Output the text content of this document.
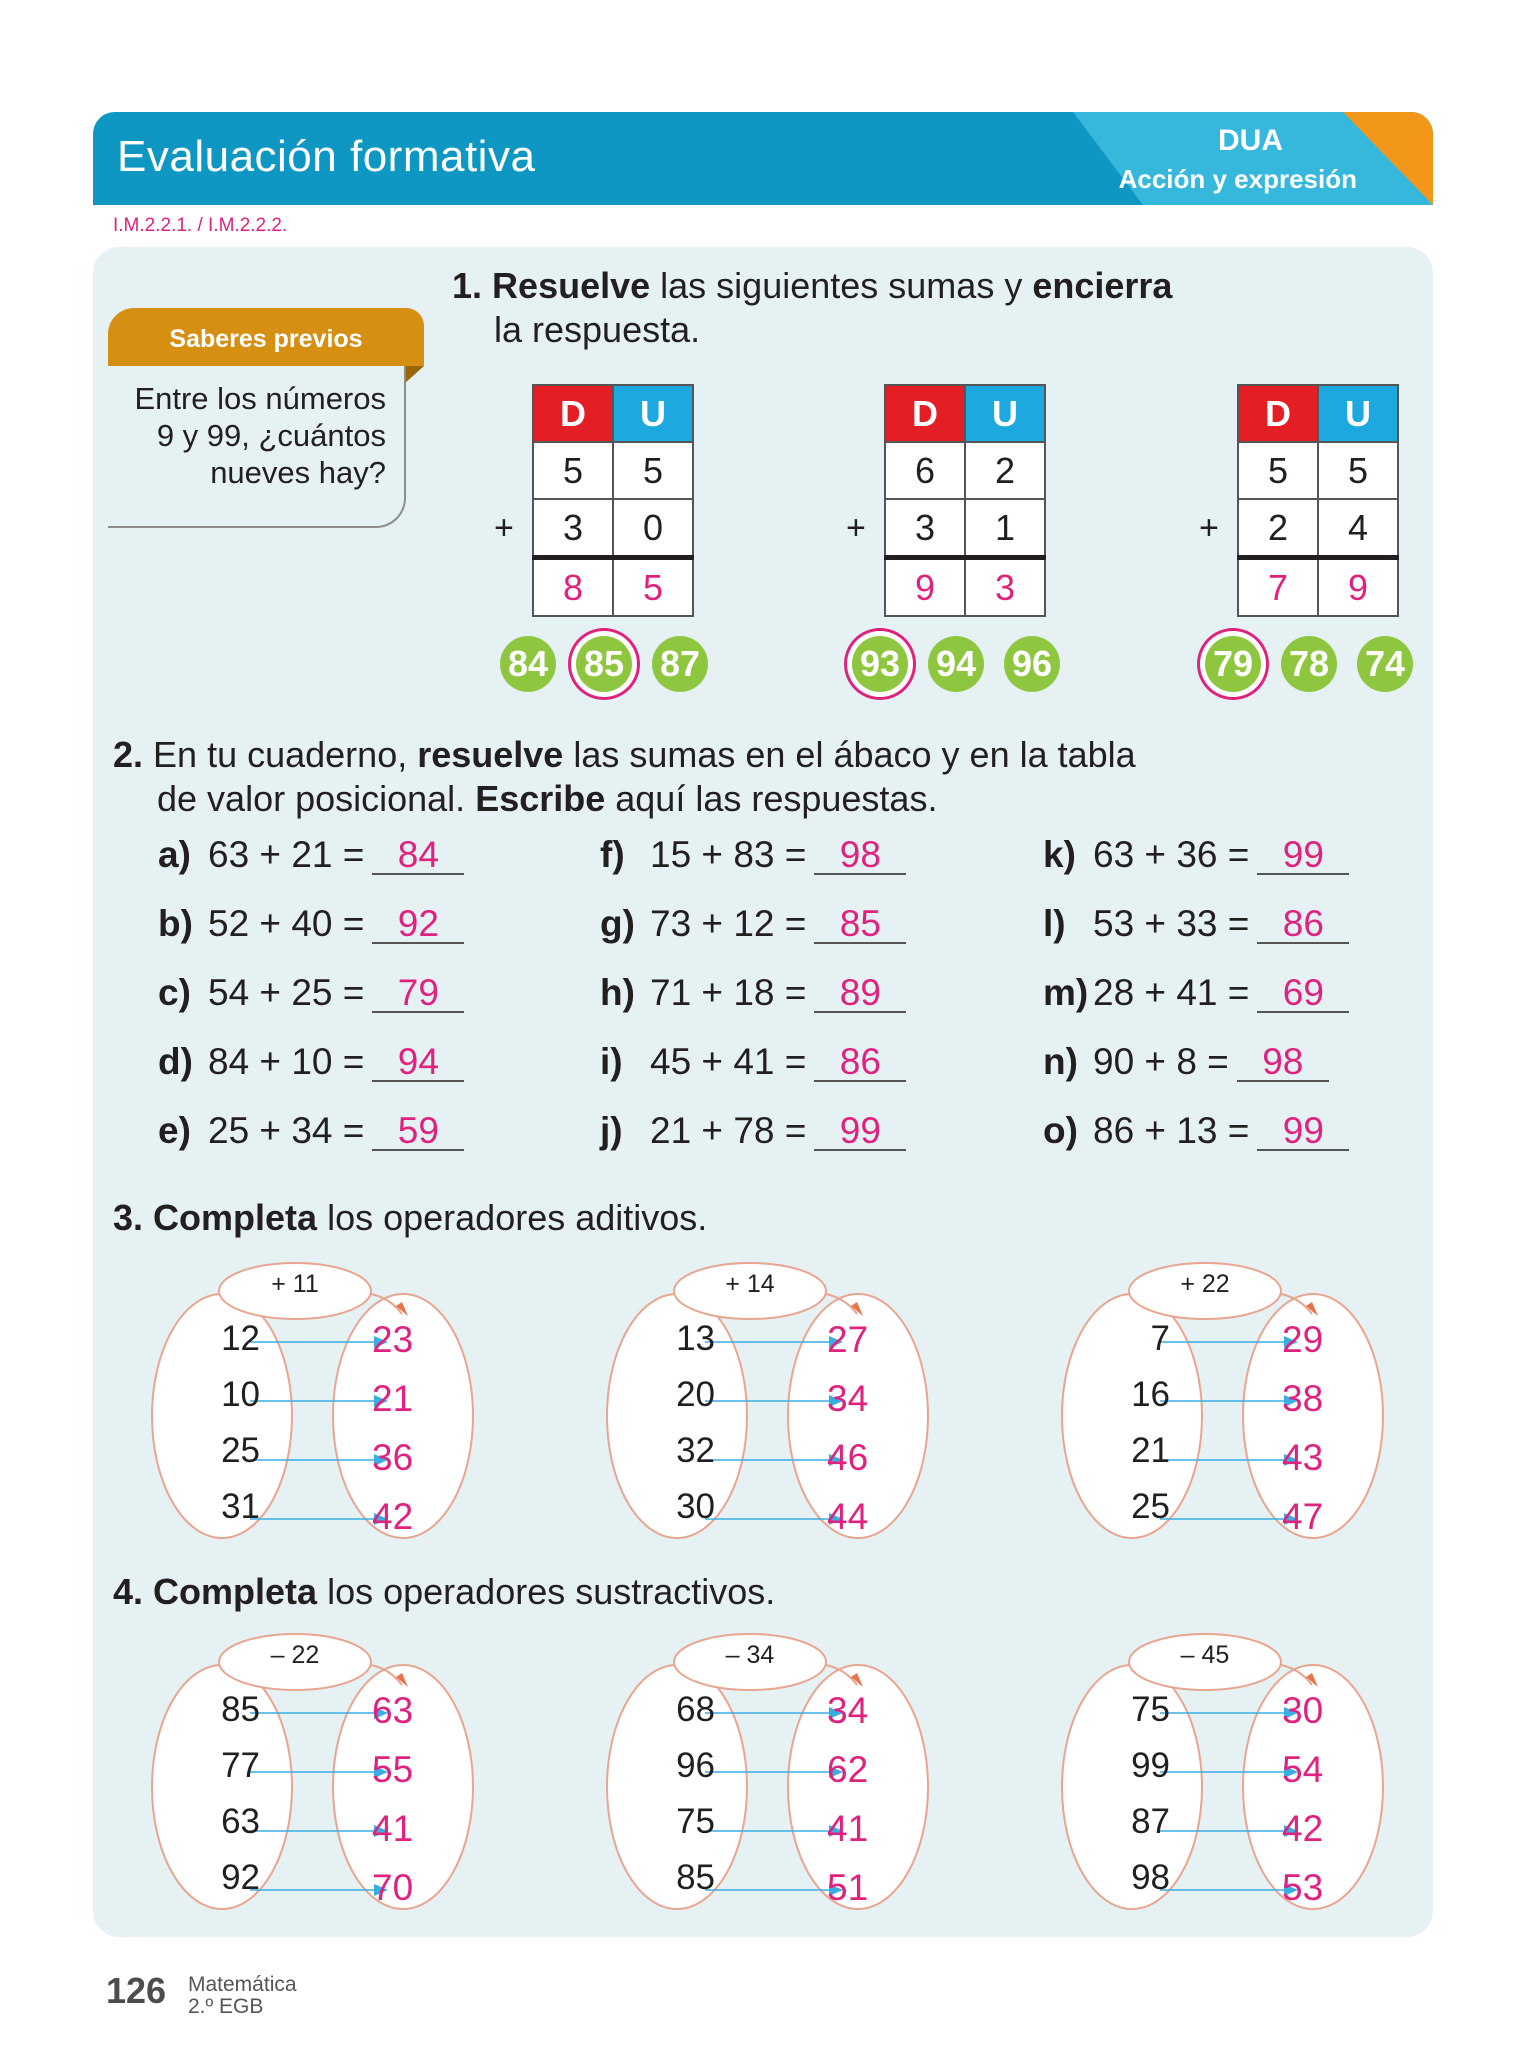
Evaluación formativa	DUA
Acción y expresión
I.M.2.2.1. / I.M.2.2.2.
Saberes previos
Entre los números
9 y 99, ¿cuántos
nueves hay?
1. Resuelve las siguientes sumas y encierra
la respuesta.
D	U
5	5
3	0
8	5
+
84 85 87
D	U
6	2
3	1
9	3
+
93 94 96
D	U
5	5
2	4
7	9
+
79 78 74
2. En tu cuaderno, resuelve las sumas en el ábaco y en la tabla
de valor posicional. Escribe aquí las respuestas.
a) 63 + 21 = 84
b) 52 + 40 = 92
c) 54 + 25 = 79
d) 84 + 10 = 94
e) 25 + 34 = 59
f) 15 + 83 = 98
g) 73 + 12 = 85
h) 71 + 18 = 89
i) 45 + 41 = 86
j) 21 + 78 = 99
k) 63 + 36 = 99
l) 53 + 33 = 86
m) 28 + 41 = 69
n) 90 + 8 = 98
o) 86 + 13 = 99
3. Completa los operadores aditivos.
+ 11
12
10
25
31
23
21
36
42
+ 14
13
20
32
30
27
34
46
44
+ 22
7
16
21
25
29
38
43
47
4. Completa los operadores sustractivos.
– 22
85
77
63
92
63
55
41
70
– 34
68
96
75
85
34
62
41
51
– 45
75
99
87
98
30
54
42
53
126 Matemática
2.º EGB
